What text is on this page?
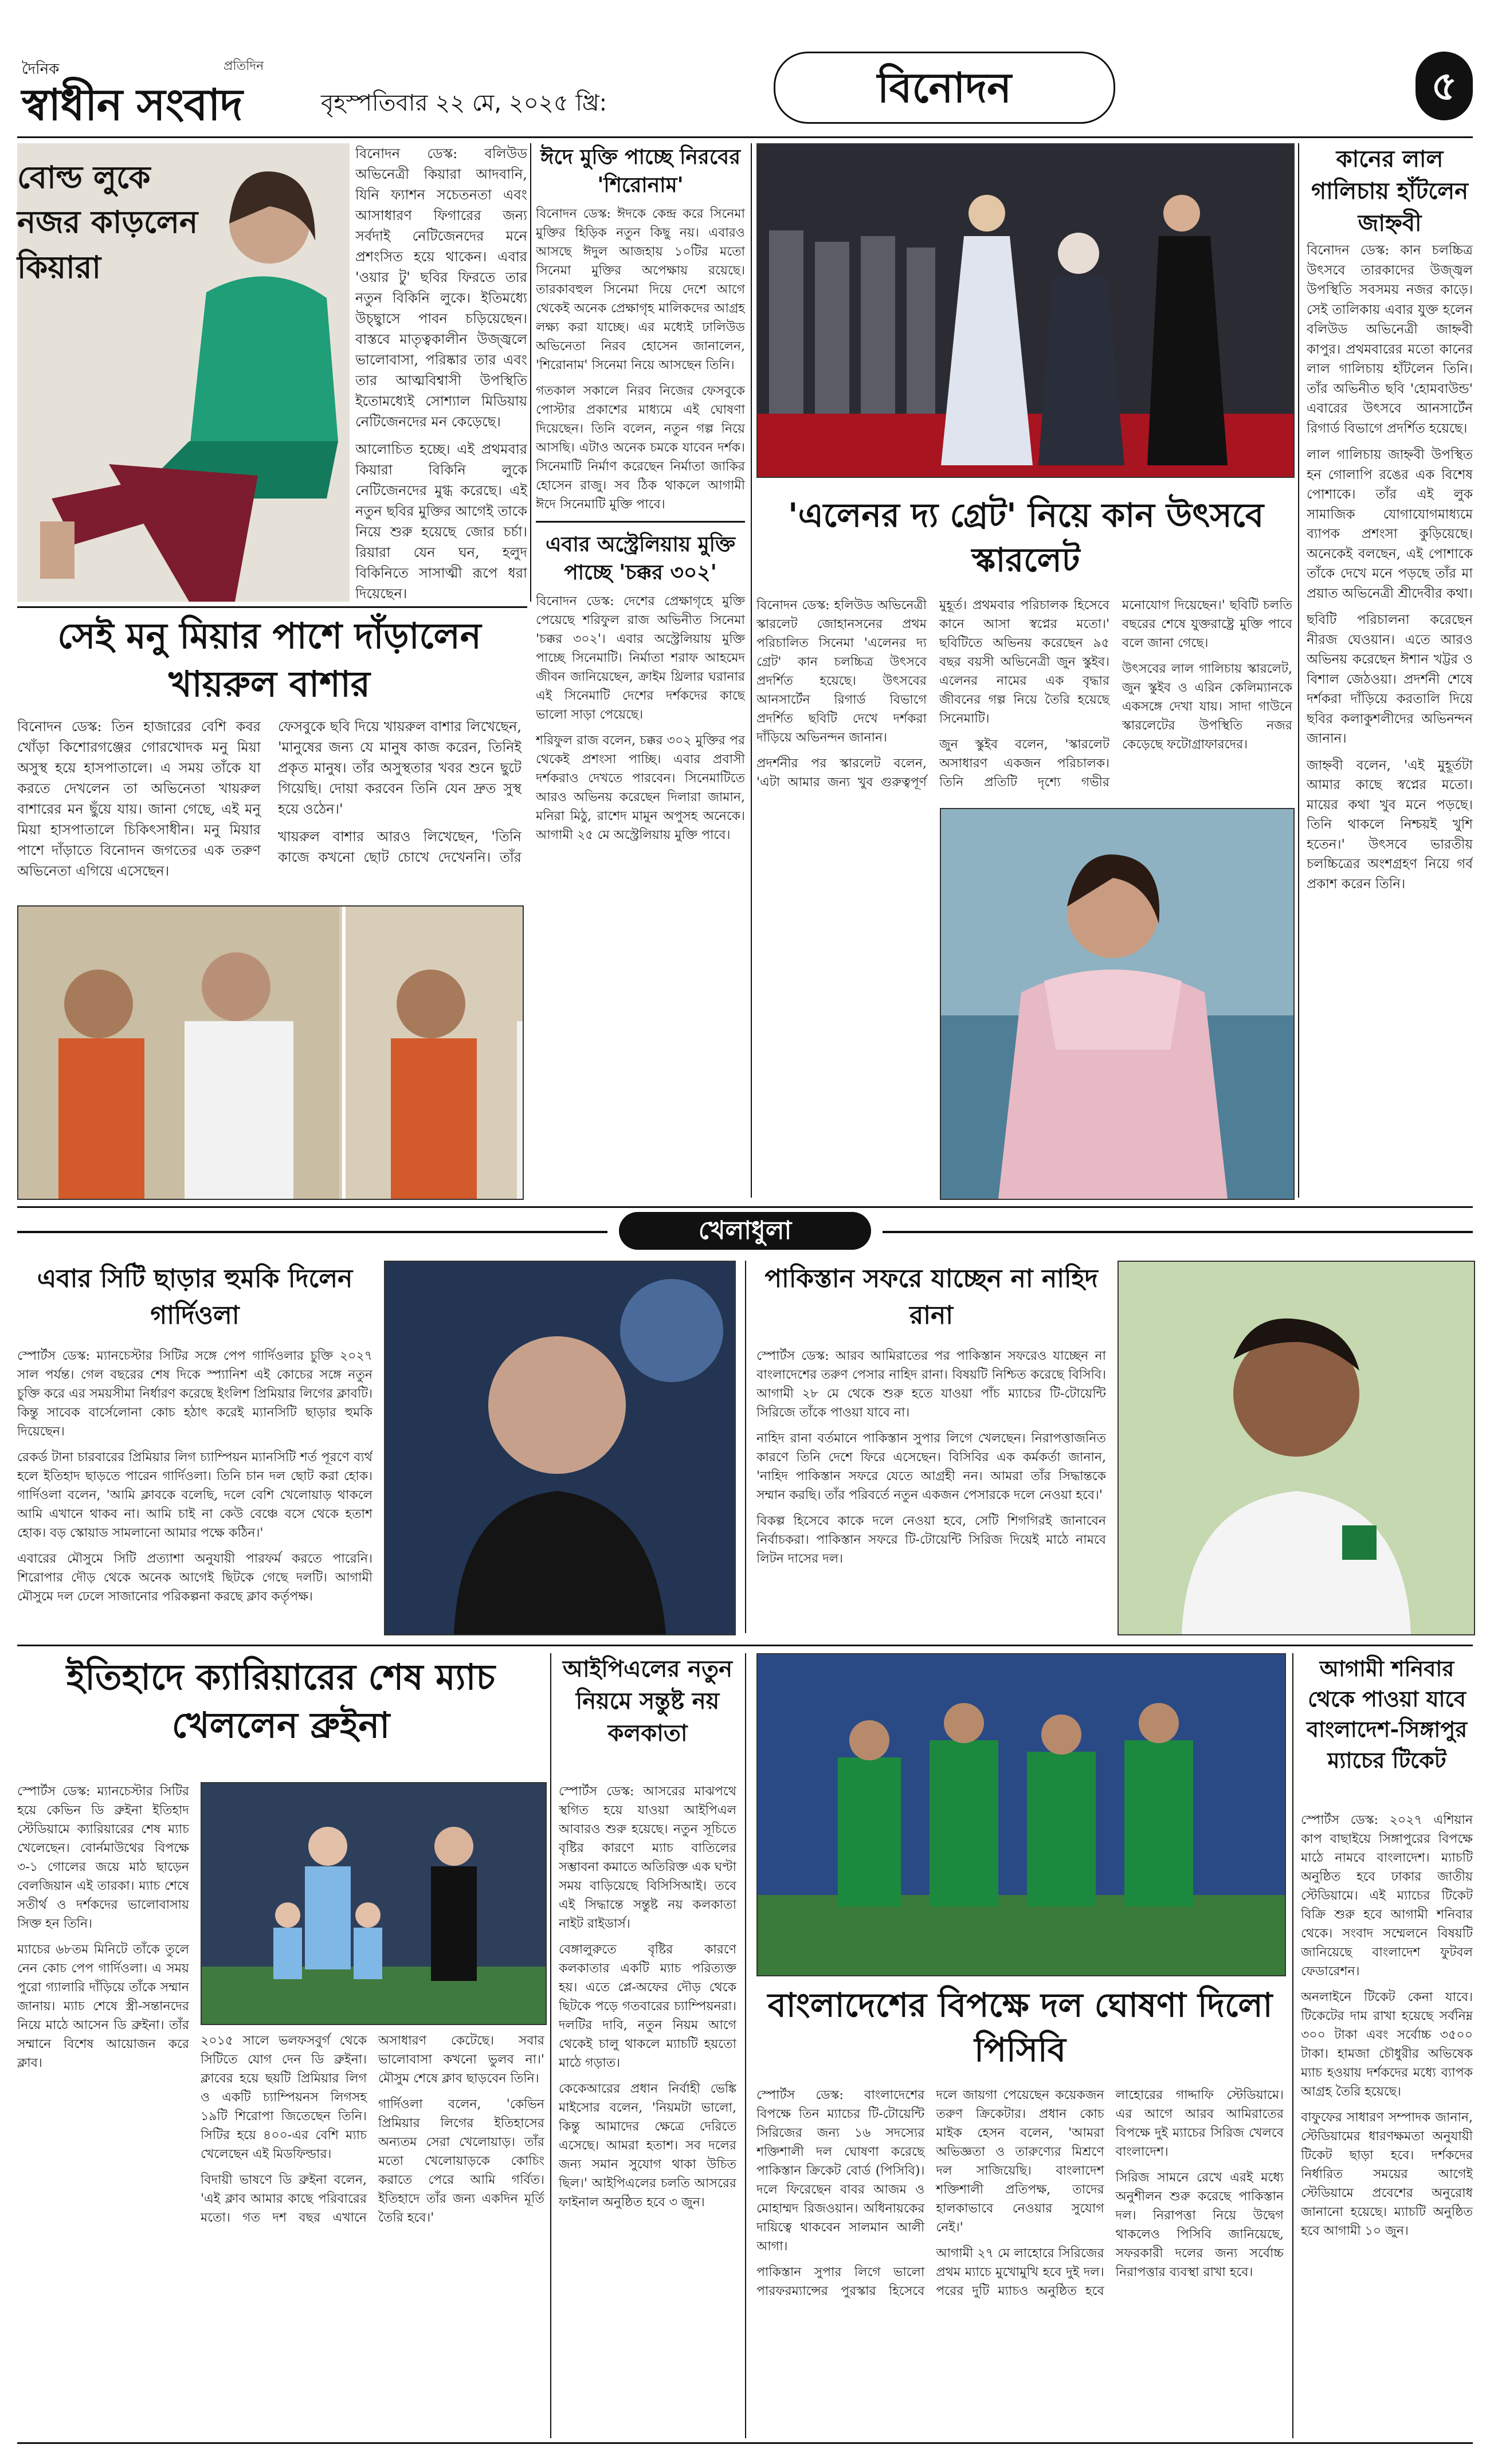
দৈনিক	প্রতিদিন
স্বাধীন সংবাদ	বৃহস্পতিবার ২২ মে, ২০২৫ খ্রি:	বিনোদন	৫
বোল্ড লুকে নজর কাড়লেন কিয়ারা

বিনোদন ডেস্ক: বলিউড অভিনেত্রী কিয়ারা আদবানি, যিনি ফ্যাশন সচেতনতা এবং আসাধারণ ফিগারের জন্য সর্বদাই নেটিজেনদের মনে প্রশংসিত হয়ে থাকেন। এবার 'ওয়ার টু' ছবির ফিরতে তার নতুন বিকিনি লুকে। ইতিমধ্যে উচ্ছ্বাসে পাবন চড়িয়েছেন। বাস্তবে মাতৃত্বকালীন উজ্জ্বলে ভালোবাসা, পরিষ্কার তার এবং তার আত্মবিশ্বাসী উপস্থিতি ইতোমধ্যেই সোশ্যাল মিডিয়ায় নেটিজেনদের মন কেড়েছে।

আলোচিত হচ্ছে। এই প্রথমবার কিয়ারা বিকিনি লুকে নেটিজেনদের মুগ্ধ করেছে। এই নতুন ছবির মুক্তির আগেই তাকে নিয়ে শুরু হয়েছে জোর চর্চা। রিয়ারা যেন ঘন, হলুদ বিকিনিতে সাসাত্মী রূপে ধরা দিয়েছেন।

'এলেনর দ্য গ্রেট' নিয়ে কান উৎসবে স্কারলেট
কানের লাল গালিচায় হাঁটলেন জাহ্নবী

বিনোদন ডেস্ক: কান চলচ্চিত্র উৎসবে তারকাদের উজ্জ্বল উপস্থিতি সবসময় নজর কাড়ে। সেই তালিকায় এবার যুক্ত হলেন বলিউড অভিনেত্রী জাহ্নবী কাপুর। প্রথমবারের মতো কানের লাল গালিচায় হাঁটলেন তিনি। তাঁর অভিনীত ছবি 'হোমবাউন্ড' এবারের উৎসবে আনসার্টেন রিগার্ড বিভাগে প্রদর্শিত হয়েছে।

লাল গালিচায় জাহ্নবী উপস্থিত হন গোলাপি রঙের এক বিশেষ পোশাকে। তাঁর এই লুক সামাজিক যোগাযোগমাধ্যমে ব্যাপক প্রশংসা কুড়িয়েছে। অনেকেই বলছেন, এই পোশাকে তাঁকে দেখে মনে পড়ছে তাঁর মা প্রয়াত অভিনেত্রী শ্রীদেবীর কথা।

ছবিটি পরিচালনা করেছেন নীরজ ঘেওয়ান। এতে আরও অভিনয় করেছেন ঈশান খট্টর ও বিশাল জেঠওয়া। প্রদর্শনী শেষে দর্শকরা দাঁড়িয়ে করতালি দিয়ে ছবির কলাকুশলীদের অভিনন্দন জানান।

জাহ্নবী বলেন, 'এই মুহূর্তটা আমার কাছে স্বপ্নের মতো। মায়ের কথা খুব মনে পড়ছে। তিনি থাকলে নিশ্চয়ই খুশি হতেন।' উৎসবে ভারতীয় চলচ্চিত্রের অংশগ্রহণ নিয়ে গর্ব প্রকাশ করেন তিনি।

সেই মনু মিয়ার পাশে দাঁড়ালেন খায়রুল বাশার

বিনোদন ডেস্ক: তিন হাজারের বেশি কবর খোঁড়া কিশোরগঞ্জের গোরখোদক মনু মিয়া অসুস্থ হয়ে হাসপাতালে। এ সময় তাঁকে যা করতে দেখলেন তা অভিনেতা খায়রুল বাশারের মন ছুঁয়ে যায়। জানা গেছে, এই মনু মিয়া হাসপাতালে চিকিৎসাধীন। মনু মিয়ার পাশে দাঁড়াতে বিনোদন জগতের এক তরুণ অভিনেতা এগিয়ে এসেছেন।

ফেসবুকে ছবি দিয়ে খায়রুল বাশার লিখেছেন, 'মানুষের জন্য যে মানুষ কাজ করেন, তিনিই প্রকৃত মানুষ। তাঁর অসুস্থতার খবর শুনে ছুটে গিয়েছি। দোয়া করবেন তিনি যেন দ্রুত সুস্থ হয়ে ওঠেন।'

খায়রুল বাশার আরও লিখেছেন, 'তিনি কাজে কখনো ছোট চোখে দেখেননি। তাঁর

বিনোদন ডেস্ক: হলিউড অভিনেত্রী স্কারলেট জোহানসনের প্রথম পরিচালিত সিনেমা 'এলেনর দ্য গ্রেট' কান চলচ্চিত্র উৎসবে প্রদর্শিত হয়েছে। উৎসবের আনসার্টেন রিগার্ড বিভাগে প্রদর্শিত ছবিটি দেখে দর্শকরা দাঁড়িয়ে অভিনন্দন জানান।

প্রদর্শনীর পর স্কারলেট বলেন, 'এটা আমার জন্য খুব গুরুত্বপূর্ণ মুহূর্ত। প্রথমবার পরিচালক হিসেবে কানে আসা স্বপ্নের মতো।' ছবিটিতে অভিনয় করেছেন ৯৫ বছর বয়সী অভিনেত্রী জুন স্কুইব। এলেনর নামের এক বৃদ্ধার জীবনের গল্প নিয়ে তৈরি হয়েছে সিনেমাটি।

জুন স্কুইব বলেন, 'স্কারলেট অসাধারণ একজন পরিচালক। তিনি প্রতিটি দৃশ্যে গভীর মনোযোগ দিয়েছেন।' ছবিটি চলতি বছরের শেষে যুক্তরাষ্ট্রে মুক্তি পাবে বলে জানা গেছে।

উৎসবের লাল গালিচায় স্কারলেট, জুন স্কুইব ও এরিন কেলিম্যানকে একসঙ্গে দেখা যায়। সাদা গাউনে স্কারলেটের উপস্থিতি নজর কেড়েছে ফটোগ্রাফারদের।

খেলাধুলা
এবার সিটি ছাড়ার হুমকি দিলেন গার্দিওলা

স্পোর্টস ডেস্ক: ম্যানচেস্টার সিটির সঙ্গে পেপ গার্দিওলার চুক্তি ২০২৭ সাল পর্যন্ত। গেল বছরের শেষ দিকে স্প্যানিশ এই কোচের সঙ্গে নতুন চুক্তি করে এর সময়সীমা নির্ধারণ করেছে ইংলিশ প্রিমিয়ার লিগের ক্লাবটি। কিন্তু সাবেক বার্সেলোনা কোচ হঠাৎ করেই ম্যানসিটি ছাড়ার হুমকি দিয়েছেন।

রেকর্ড টানা চারবারের প্রিমিয়ার লিগ চ্যাম্পিয়ন ম্যানসিটি শর্ত পূরণে ব্যর্থ হলে ইতিহাদ ছাড়তে পারেন গার্দিওলা। তিনি চান দল ছোট করা হোক। গার্দিওলা বলেন, 'আমি ক্লাবকে বলেছি, দলে বেশি খেলোয়াড় থাকলে আমি এখানে থাকব না। আমি চাই না কেউ বেঞ্চে বসে থেকে হতাশ হোক। বড় স্কোয়াড সামলানো আমার পক্ষে কঠিন।'

এবারের মৌসুমে সিটি প্রত্যাশা অনুযায়ী পারফর্ম করতে পারেনি। শিরোপার দৌড় থেকে অনেক আগেই ছিটকে গেছে দলটি। আগামী মৌসুমে দল ঢেলে সাজানোর পরিকল্পনা করছে ক্লাব কর্তৃপক্ষ।

পাকিস্তান সফরে যাচ্ছেন না নাহিদ রানা

স্পোর্টস ডেস্ক: আরব আমিরাতের পর পাকিস্তান সফরেও যাচ্ছেন না বাংলাদেশের তরুণ পেসার নাহিদ রানা। বিষয়টি নিশ্চিত করেছে বিসিবি। আগামী ২৮ মে থেকে শুরু হতে যাওয়া পাঁচ ম্যাচের টি-টোয়েন্টি সিরিজে তাঁকে পাওয়া যাবে না।

নাহিদ রানা বর্তমানে পাকিস্তান সুপার লিগে খেলছেন। নিরাপত্তাজনিত কারণে তিনি দেশে ফিরে এসেছেন। বিসিবির এক কর্মকর্তা জানান, 'নাহিদ পাকিস্তান সফরে যেতে আগ্রহী নন। আমরা তাঁর সিদ্ধান্তকে সম্মান করছি। তাঁর পরিবর্তে নতুন একজন পেসারকে দলে নেওয়া হবে।'

বিকল্প হিসেবে কাকে দলে নেওয়া হবে, সেটি শিগগিরই জানাবেন নির্বাচকরা। পাকিস্তান সফরে টি-টোয়েন্টি সিরিজ দিয়েই মাঠে নামবে লিটন দাসের দল।

ইতিহাদে ক্যারিয়ারের শেষ ম্যাচ খেললেন ব্রুইনা

স্পোর্টস ডেস্ক: ম্যানচেস্টার সিটির হয়ে কেভিন ডি ব্রুইনা ইতিহাদ স্টেডিয়ামে ক্যারিয়ারের শেষ ম্যাচ খেলেছেন। বোর্নমাউথের বিপক্ষে ৩-১ গোলের জয়ে মাঠ ছাড়েন বেলজিয়ান এই তারকা। ম্যাচ শেষে সতীর্থ ও দর্শকদের ভালোবাসায় সিক্ত হন তিনি।

ম্যাচের ৬৮তম মিনিটে তাঁকে তুলে নেন কোচ পেপ গার্দিওলা। এ সময় পুরো গ্যালারি দাঁড়িয়ে তাঁকে সম্মান জানায়। ম্যাচ শেষে স্ত্রী-সন্তানদের নিয়ে মাঠে আসেন ডি ব্রুইনা। তাঁর সম্মানে বিশেষ আয়োজন করে ক্লাব।

২০১৫ সালে ভলফসবুর্গ থেকে সিটিতে যোগ দেন ডি ব্রুইনা। ক্লাবের হয়ে ছয়টি প্রিমিয়ার লিগ ও একটি চ্যাম্পিয়নস লিগসহ ১৯টি শিরোপা জিতেছেন তিনি। সিটির হয়ে ৪০০-এর বেশি ম্যাচ খেলেছেন এই মিডফিল্ডার।

বিদায়ী ভাষণে ডি ব্রুইনা বলেন, 'এই ক্লাব আমার কাছে পরিবারের মতো। গত দশ বছর এখানে অসাধারণ কেটেছে। সবার ভালোবাসা কখনো ভুলব না।' মৌসুম শেষে ক্লাব ছাড়বেন তিনি।

গার্দিওলা বলেন, 'কেভিন প্রিমিয়ার লিগের ইতিহাসের অন্যতম সেরা খেলোয়াড়। তাঁর মতো খেলোয়াড়কে কোচিং করাতে পেরে আমি গর্বিত। ইতিহাদে তাঁর জন্য একদিন মূর্তি তৈরি হবে।'

আইপিএলের নতুন নিয়মে সন্তুষ্ট নয় কলকাতা

স্পোর্টস ডেস্ক: আসরের মাঝপথে স্থগিত হয়ে যাওয়া আইপিএল আবারও শুরু হয়েছে। নতুন সূচিতে বৃষ্টির কারণে ম্যাচ বাতিলের সম্ভাবনা কমাতে অতিরিক্ত এক ঘণ্টা সময় বাড়িয়েছে বিসিসিআই। তবে এই সিদ্ধান্তে সন্তুষ্ট নয় কলকাতা নাইট রাইডার্স।

বেঙ্গালুরুতে বৃষ্টির কারণে কলকাতার একটি ম্যাচ পরিত্যক্ত হয়। এতে প্লে-অফের দৌড় থেকে ছিটকে পড়ে গতবারের চ্যাম্পিয়নরা। দলটির দাবি, নতুন নিয়ম আগে থেকেই চালু থাকলে ম্যাচটি হয়তো মাঠে গড়াত।

কেকেআরের প্রধান নির্বাহী ভেঙ্কি মাইসোর বলেন, 'নিয়মটা ভালো, কিন্তু আমাদের ক্ষেত্রে দেরিতে এসেছে। আমরা হতাশ। সব দলের জন্য সমান সুযোগ থাকা উচিত ছিল।' আইপিএলের চলতি আসরের ফাইনাল অনুষ্ঠিত হবে ৩ জুন।

বাংলাদেশের বিপক্ষে দল ঘোষণা দিলো পিসিবি

স্পোর্টস ডেস্ক: বাংলাদেশের বিপক্ষে তিন ম্যাচের টি-টোয়েন্টি সিরিজের জন্য ১৬ সদস্যের শক্তিশালী দল ঘোষণা করেছে পাকিস্তান ক্রিকেট বোর্ড (পিসিবি)। দলে ফিরেছেন বাবর আজম ও মোহাম্মদ রিজওয়ান। অধিনায়কের দায়িত্বে থাকবেন সালমান আলী আগা।

পাকিস্তান সুপার লিগে ভালো পারফরম্যান্সের পুরস্কার হিসেবে দলে জায়গা পেয়েছেন কয়েকজন তরুণ ক্রিকেটার। প্রধান কোচ মাইক হেসন বলেন, 'আমরা অভিজ্ঞতা ও তারুণ্যের মিশ্রণে দল সাজিয়েছি। বাংলাদেশ শক্তিশালী প্রতিপক্ষ, তাদের হালকাভাবে নেওয়ার সুযোগ নেই।'

আগামী ২৭ মে লাহোরে সিরিজের প্রথম ম্যাচে মুখোমুখি হবে দুই দল। পরের দুটি ম্যাচও অনুষ্ঠিত হবে লাহোরের গাদ্দাফি স্টেডিয়ামে। এর আগে আরব আমিরাতের বিপক্ষে দুই ম্যাচের সিরিজ খেলবে বাংলাদেশ।

সিরিজ সামনে রেখে এরই মধ্যে অনুশীলন শুরু করেছে পাকিস্তান দল। নিরাপত্তা নিয়ে উদ্বেগ থাকলেও পিসিবি জানিয়েছে, সফরকারী দলের জন্য সর্বোচ্চ নিরাপত্তার ব্যবস্থা রাখা হবে।

আগামী শনিবার থেকে পাওয়া যাবে বাংলাদেশ-সিঙ্গাপুর ম্যাচের টিকেট

স্পোর্টস ডেস্ক: ২০২৭ এশিয়ান কাপ বাছাইয়ে সিঙ্গাপুরের বিপক্ষে মাঠে নামবে বাংলাদেশ। ম্যাচটি অনুষ্ঠিত হবে ঢাকার জাতীয় স্টেডিয়ামে। এই ম্যাচের টিকেট বিক্রি শুরু হবে আগামী শনিবার থেকে। সংবাদ সম্মেলনে বিষয়টি জানিয়েছে বাংলাদেশ ফুটবল ফেডারেশন।

অনলাইনে টিকেট কেনা যাবে। টিকেটের দাম রাখা হয়েছে সর্বনিম্ন ৩০০ টাকা এবং সর্বোচ্চ ৩৫০০ টাকা। হামজা চৌধুরীর অভিষেক ম্যাচ হওয়ায় দর্শকদের মধ্যে ব্যাপক আগ্রহ তৈরি হয়েছে।

বাফুফের সাধারণ সম্পাদক জানান, স্টেডিয়ামের ধারণক্ষমতা অনুযায়ী টিকেট ছাড়া হবে। দর্শকদের নির্ধারিত সময়ের আগেই স্টেডিয়ামে প্রবেশের অনুরোধ জানানো হয়েছে। ম্যাচটি অনুষ্ঠিত হবে আগামী ১০ জুন।

ঈদে মুক্তি পাচ্ছে নিরবের 'শিরোনাম'

বিনোদন ডেস্ক: ঈদকে কেন্দ্র করে সিনেমা মুক্তির হিড়িক নতুন কিছু নয়। এবারও আসছে ঈদুল আজহায় ১০টির মতো সিনেমা মুক্তির অপেক্ষায় রয়েছে। তারকাবহুল সিনেমা দিয়ে দেশে আগে থেকেই অনেক প্রেক্ষাগৃহ মালিকদের আগ্রহ লক্ষ্য করা যাচ্ছে। এর মধ্যেই ঢালিউড অভিনেতা নিরব হোসেন জানালেন, 'শিরোনাম' সিনেমা নিয়ে আসছেন তিনি।

গতকাল সকালে নিরব নিজের ফেসবুকে পোস্টার প্রকাশের মাধ্যমে এই ঘোষণা দিয়েছেন। তিনি বলেন, নতুন গল্প নিয়ে আসছি। এটাও অনেক চমকে যাবেন দর্শক। সিনেমাটি নির্মাণ করেছেন নির্মাতা জাকির হোসেন রাজু। সব ঠিক থাকলে আগামী ঈদে সিনেমাটি মুক্তি পাবে।

এবার অস্ট্রেলিয়ায় মুক্তি পাচ্ছে 'চক্কর ৩০২'

বিনোদন ডেস্ক: দেশের প্রেক্ষাগৃহে মুক্তি পেয়েছে শরিফুল রাজ অভিনীত সিনেমা 'চক্কর ৩০২'। এবার অস্ট্রেলিয়ায় মুক্তি পাচ্ছে সিনেমাটি। নির্মাতা শরাফ আহমেদ জীবন জানিয়েছেন, ক্রাইম থ্রিলার ঘরানার এই সিনেমাটি দেশের দর্শকদের কাছে ভালো সাড়া পেয়েছে।

শরিফুল রাজ বলেন, চক্কর ৩০২ মুক্তির পর থেকেই প্রশংসা পাচ্ছি। এবার প্রবাসী দর্শকরাও দেখতে পারবেন। সিনেমাটিতে আরও অভিনয় করেছেন দিলারা জামান, মনিরা মিঠু, রাশেদ মামুন অপুসহ অনেকে। আগামী ২৫ মে অস্ট্রেলিয়ায় মুক্তি পাবে।
